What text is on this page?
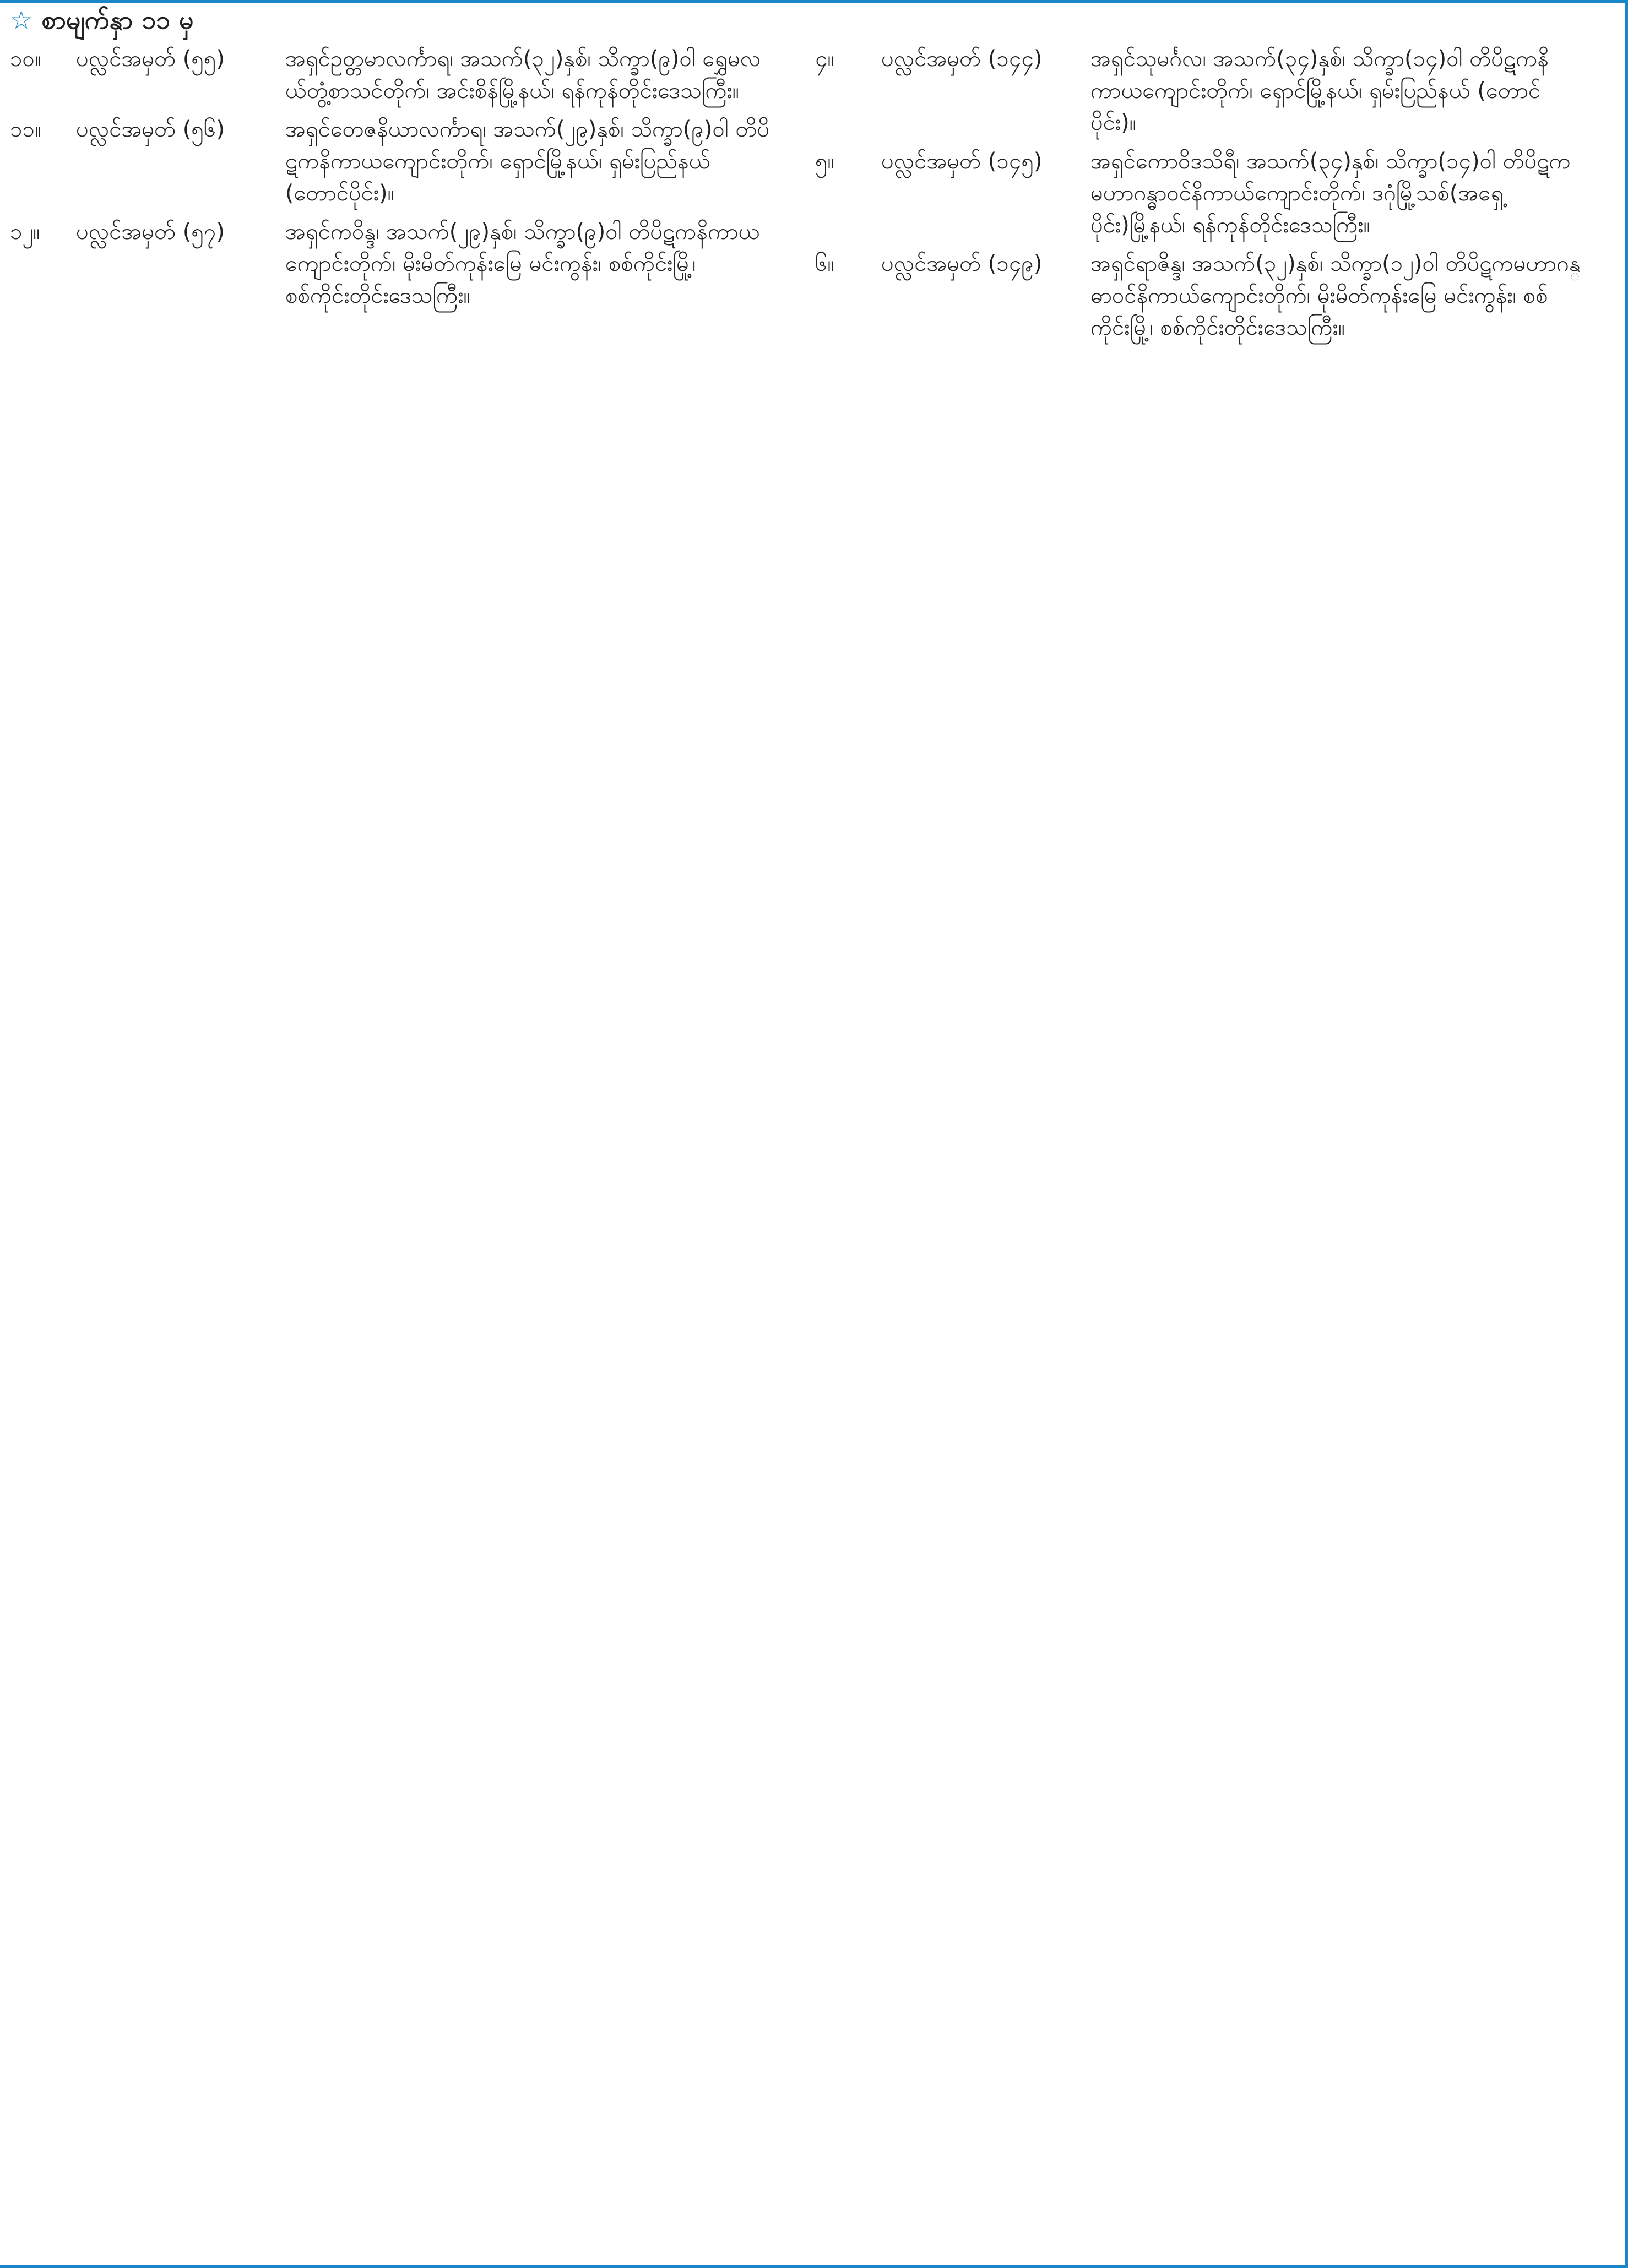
☆ စာမျက်နှာ ၁၁ မှ
၁၀။	ပလ္လင်အမှတ် (၅၅)	အရှင်ဥတ္တမာလင်္ကာရ၊ အသက်(၃၂)နှစ်၊ သိက္ခာ(၉)ဝါ ရွှေမလယ်တွံ့စာသင်တိုက်၊ အင်းစိန်မြို့နယ်၊ ရန်ကုန်တိုင်းဒေသကြီး။
၁၁။	ပလ္လင်အမှတ် (၅၆)	အရှင်တေဇနိယာလင်္ကာရ၊ အသက်(၂၉)နှစ်၊ သိက္ခာ(၉)ဝါ တိပိဋကနိကာယကျောင်းတိုက်၊ ရှောင်မြို့နယ်၊ ရှမ်းပြည်နယ် (တောင်ပိုင်း)။
၁၂။	ပလ္လင်အမှတ် (၅၇)	အရှင်ကဝိန္ဒ၊ အသက်(၂၉)နှစ်၊ သိက္ခာ(၉)ဝါ တိပိဋကနိကာယကျောင်းတိုက်၊ မိုးမိတ်ကုန်းမြေ မင်းကွန်း၊ စစ်ကိုင်းမြို့၊ စစ်ကိုင်းတိုင်းဒေသကြီး။
၄။	ပလ္လင်အမှတ် (၁၄၄)	အရှင်သုမင်္ဂလ၊ အသက်(၃၄)နှစ်၊ သိက္ခာ(၁၄)ဝါ တိပိဋကနိကာယကျောင်းတိုက်၊ ရှောင်မြို့နယ်၊ ရှမ်းပြည်နယ် (တောင်ပိုင်း)။
၅။	ပလ္လင်အမှတ် (၁၄၅)	အရှင်ကောဝိဒသိရီ၊ အသက်(၃၄)နှစ်၊ သိက္ခာ(၁၄)ဝါ တိပိဋကမဟာဂန္ဓာဝင်နိကာယ်ကျောင်းတိုက်၊ ဒဂုံမြို့သစ်(အရှေ့ပိုင်း)မြို့နယ်၊ ရန်ကုန်တိုင်းဒေသကြီး။
၆။	ပလ္လင်အမှတ် (၁၄၉)	အရှင်ရာဇိန္ဒ၊ အသက်(၃၂)နှစ်၊ သိက္ခာ(၁၂)ဝါ တိပိဋကမဟာဂန္ဓာဝင်နိကာယ်ကျောင်းတိုက်၊ မိုးမိတ်ကုန်းမြေ မင်းကွန်း၊ စစ်ကိုင်းမြို့၊ စစ်ကိုင်းတိုင်းဒေသကြီး။
